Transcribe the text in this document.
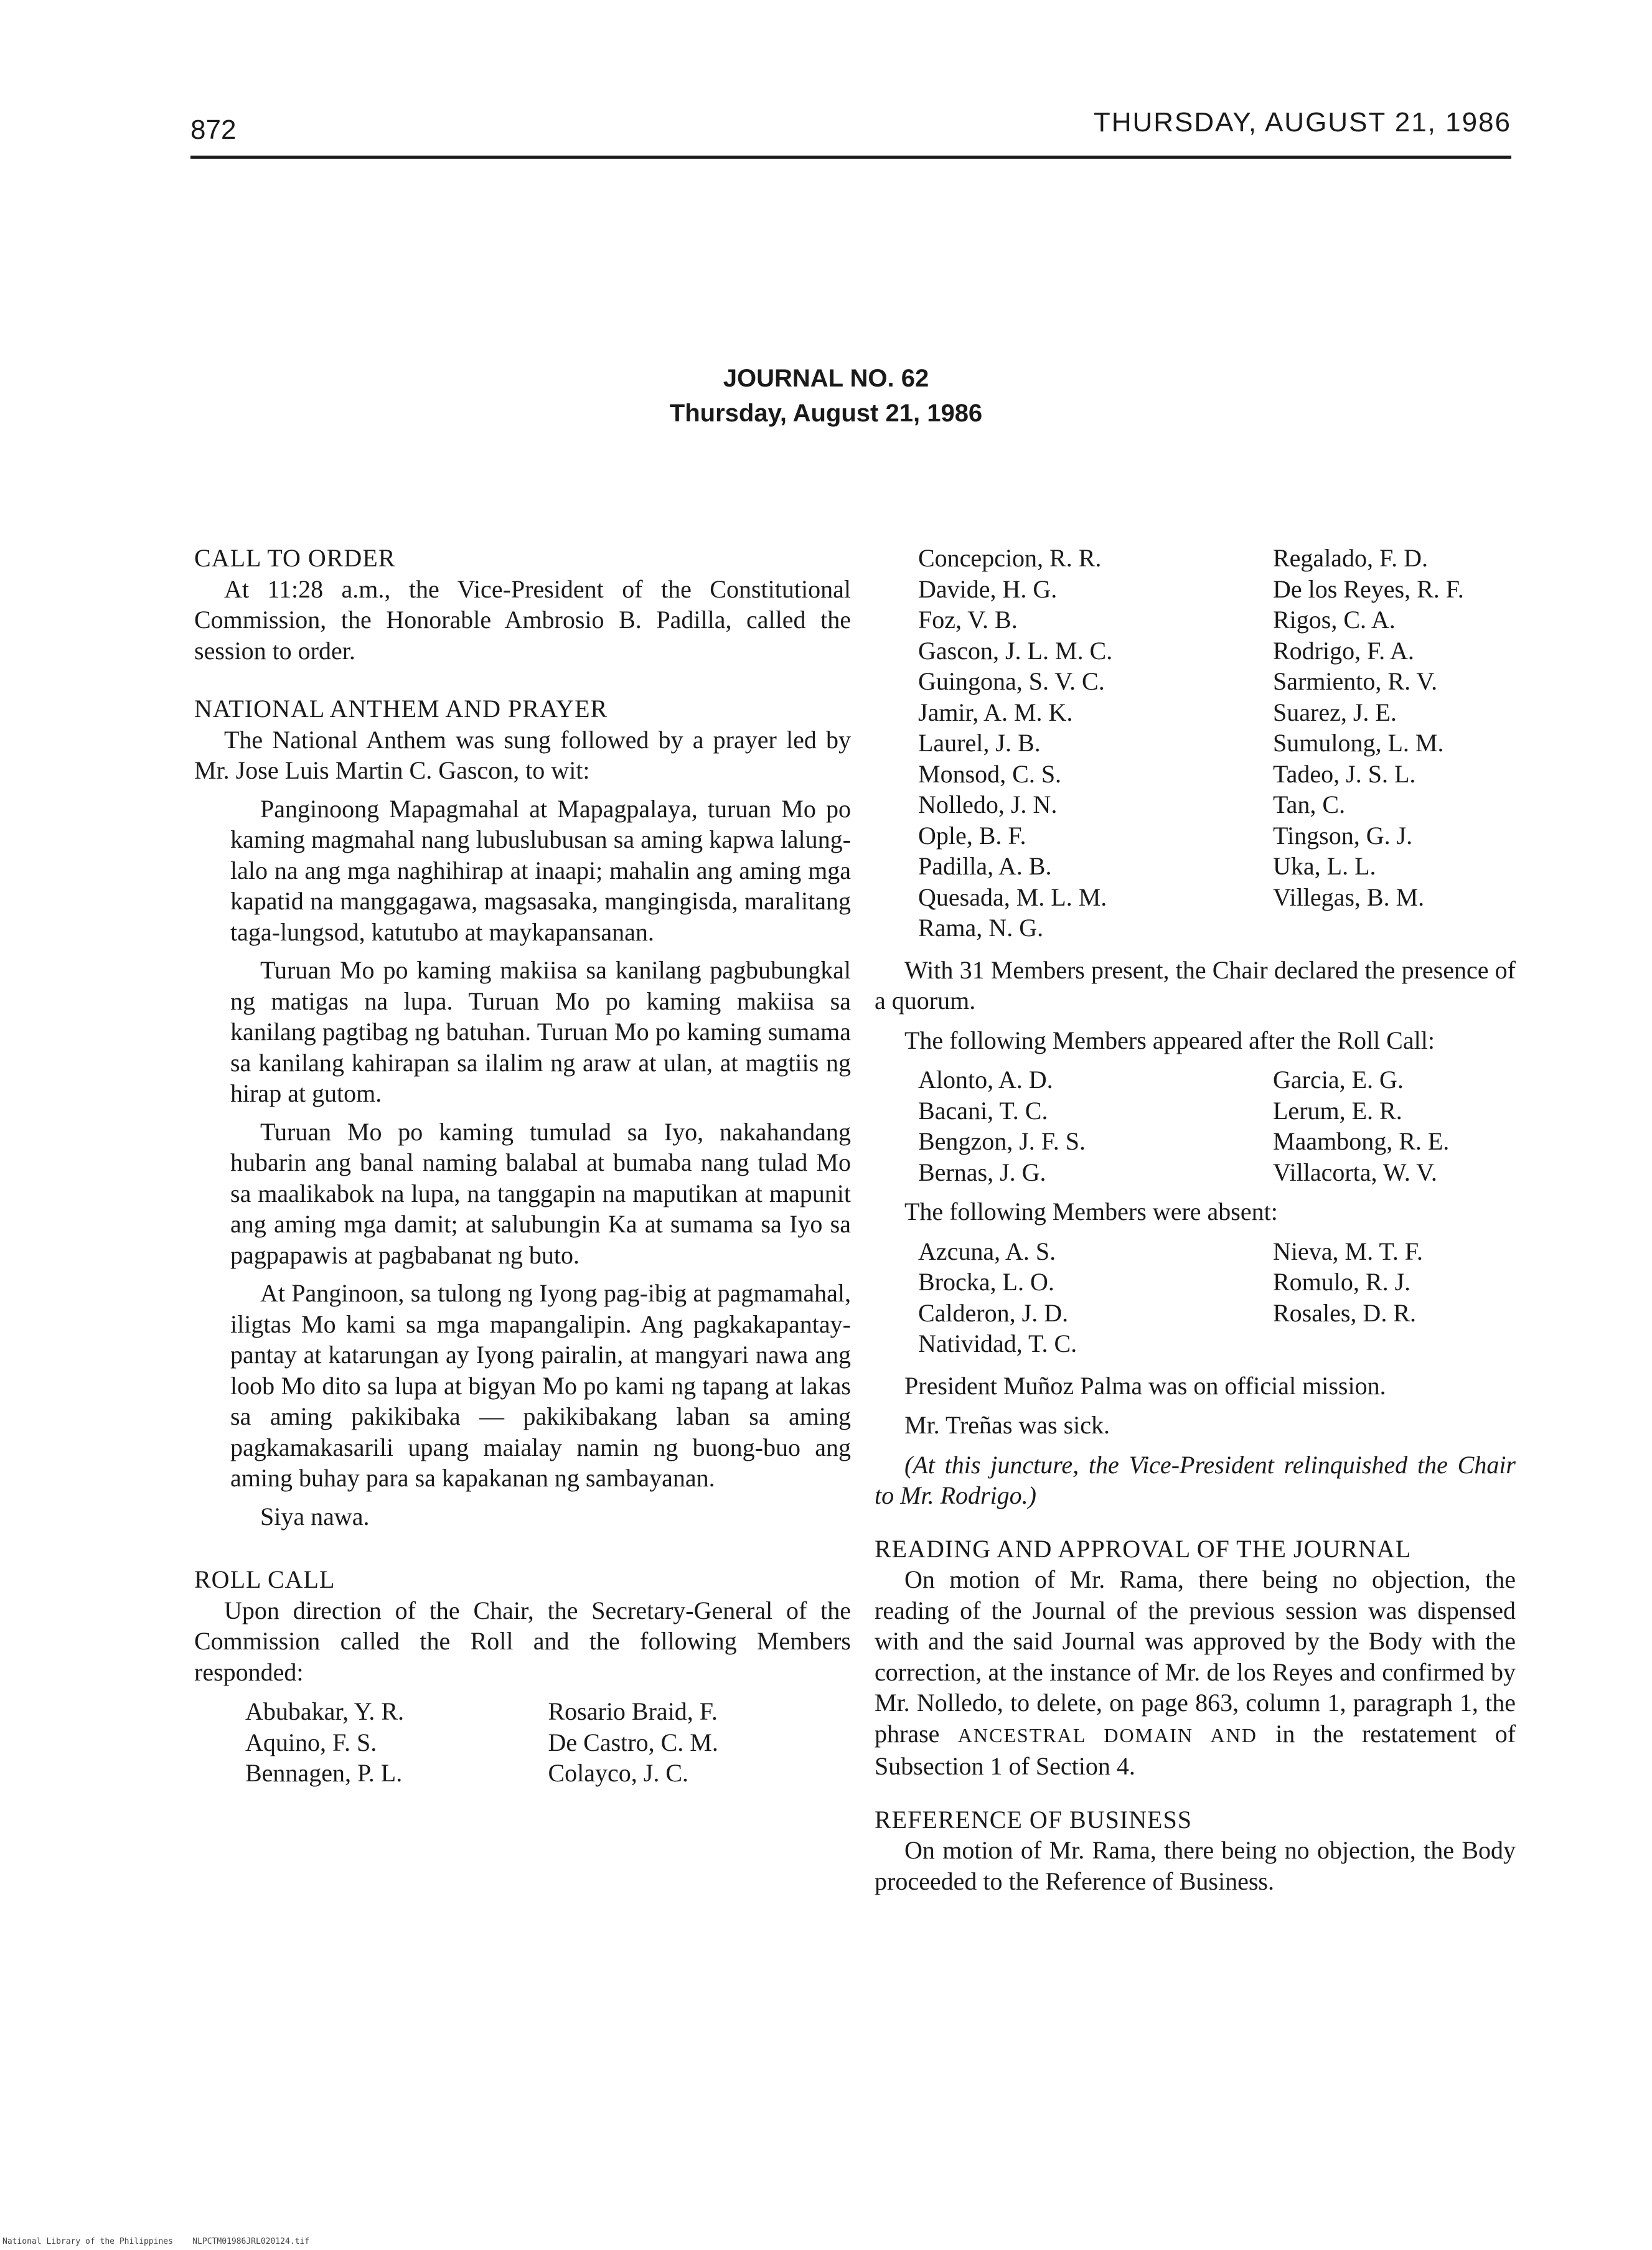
872	THURSDAY, AUGUST 21, 1986
JOURNAL NO. 62
Thursday, August 21, 1986
CALL TO ORDER

At 11:28 a.m., the Vice-President of the Constitutional Commission, the Honorable Ambrosio B. Padilla, called the session to order.

NATIONAL ANTHEM AND PRAYER

The National Anthem was sung followed by a prayer led by Mr. Jose Luis Martin C. Gascon, to wit:

Panginoong Mapagmahal at Mapagpalaya, turuan Mo po kaming magmahal nang lubuslubusan sa aming kapwa lalung-lalo na ang mga naghihirap at inaapi; mahalin ang aming mga kapatid na manggagawa, magsasaka, mangingisda, maralitang taga-lungsod, katutubo at maykapansanan.

Turuan Mo po kaming makiisa sa kanilang pagbubungkal ng matigas na lupa. Turuan Mo po kaming makiisa sa kanilang pagtibag ng batuhan. Turuan Mo po kaming sumama sa kanilang kahirapan sa ilalim ng araw at ulan, at magtiis ng hirap at gutom.

Turuan Mo po kaming tumulad sa Iyo, nakahandang hubarin ang banal naming balabal at bumaba nang tulad Mo sa maalikabok na lupa, na tanggapin na maputikan at mapunit ang aming mga damit; at salubungin Ka at sumama sa Iyo sa pagpapawis at pagbabanat ng buto.

At Panginoon, sa tulong ng Iyong pag-ibig at pagmamahal, iligtas Mo kami sa mga mapangalipin. Ang pagkakapantay-pantay at katarungan ay Iyong pairalin, at mangyari nawa ang loob Mo dito sa lupa at bigyan Mo po kami ng tapang at lakas sa aming pakikibaka — pakikibakang laban sa aming pagkamakasarili upang maialay namin ng buong-buo ang aming buhay para sa kapakanan ng sambayanan.

Siya nawa.

ROLL CALL

Upon direction of the Chair, the Secretary-General of the Commission called the Roll and the following Members responded:

Abubakar, Y. R.
Aquino, F. S.
Bennagen, P. L.
Rosario Braid, F.
De Castro, C. M.
Colayco, J. C.
Concepcion, R. R.
Davide, H. G.
Foz, V. B.
Gascon, J. L. M. C.
Guingona, S. V. C.
Jamir, A. M. K.
Laurel, J. B.
Monsod, C. S.
Nolledo, J. N.
Ople, B. F.
Padilla, A. B.
Quesada, M. L. M.
Rama, N. G.
Regalado, F. D.
De los Reyes, R. F.
Rigos, C. A.
Rodrigo, F. A.
Sarmiento, R. V.
Suarez, J. E.
Sumulong, L. M.
Tadeo, J. S. L.
Tan, C.
Tingson, G. J.
Uka, L. L.
Villegas, B. M.

With 31 Members present, the Chair declared the presence of a quorum.

The following Members appeared after the Roll Call:

Alonto, A. D.
Bacani, T. C.
Bengzon, J. F. S.
Bernas, J. G.
Garcia, E. G.
Lerum, E. R.
Maambong, R. E.
Villacorta, W. V.

The following Members were absent:

Azcuna, A. S.
Brocka, L. O.
Calderon, J. D.
Natividad, T. C.
Nieva, M. T. F.
Romulo, R. J.
Rosales, D. R.

President Muñoz Palma was on official mission.

Mr. Treñas was sick.

(At this juncture, the Vice-President relinquished the Chair to Mr. Rodrigo.)

READING AND APPROVAL OF THE JOURNAL

On motion of Mr. Rama, there being no objection, the reading of the Journal of the previous session was dispensed with and the said Journal was approved by the Body with the correction, at the instance of Mr. de los Reyes and confirmed by Mr. Nolledo, to delete, on page 863, column 1, paragraph 1, the phrase ANCESTRAL DOMAIN AND in the restatement of Subsection 1 of Section 4.

REFERENCE OF BUSINESS

On motion of Mr. Rama, there being no objection, the Body proceeded to the Reference of Business.

National Library of the Philippines NLPCTM01986JRL020124.tif
